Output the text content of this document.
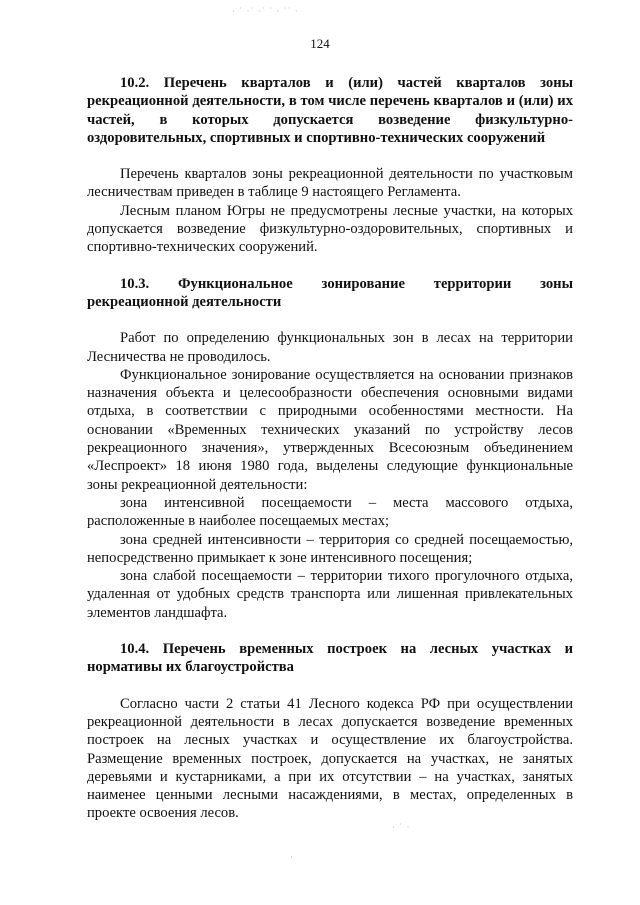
· ˙ ·˙ ·˙ ˙ · ˙˙ ·
124

10.2. Перечень кварталов и (или) частей кварталов зоны рекреационной деятельности, в том числе перечень кварталов и (или) их частей, в которых допускается возведение физкультурно-оздоровительных, спортивных и спортивно-технических сооружений

Перечень кварталов зоны рекреационной деятельности по участковым лесничествам приведен в таблице 9 настоящего Регламента.

Лесным планом Югры не предусмотрены лесные участки, на которых допускается возведение физкультурно-оздоровительных, спортивных и спортивно-технических сооружений.

10.3. Функциональное зонирование территории зоны рекреационной деятельности

Работ по определению функциональных зон в лесах на территории Лесничества не проводилось.

Функциональное зонирование осуществляется на основании признаков назначения объекта и целесообразности обеспечения основными видами отдыха, в соответствии с природными особенностями местности. На основании «Временных технических указаний по устройству лесов рекреационного значения», утвержденных Всесоюзным объединением «Леспроект» 18 июня 1980 года, выделены следующие функциональные зоны рекреационной деятельности:

зона интенсивной посещаемости – места массового отдыха, расположенные в наиболее посещаемых местах;

зона средней интенсивности – территория со средней посещаемостью, непосредственно примыкает к зоне интенсивного посещения;

зона слабой посещаемости – территории тихого прогулочного отдыха, удаленная от удобных средств транспорта или лишенная привлекательных элементов ландшафта.

10.4. Перечень временных построек на лесных участках и нормативы их благоустройства

Согласно части 2 статьи 41 Лесного кодекса РФ при осуществлении рекреационной деятельности в лесах допускается возведение временных построек на лесных участках и осуществление их благоустройства. Размещение временных построек, допускается на участках, не занятых деревьями и кустарниками, а при их отсутствии – на участках, занятых наименее ценными лесными насаждениями, в местах, определенных в проекте освоения лесов.

· ˙ ·
·
